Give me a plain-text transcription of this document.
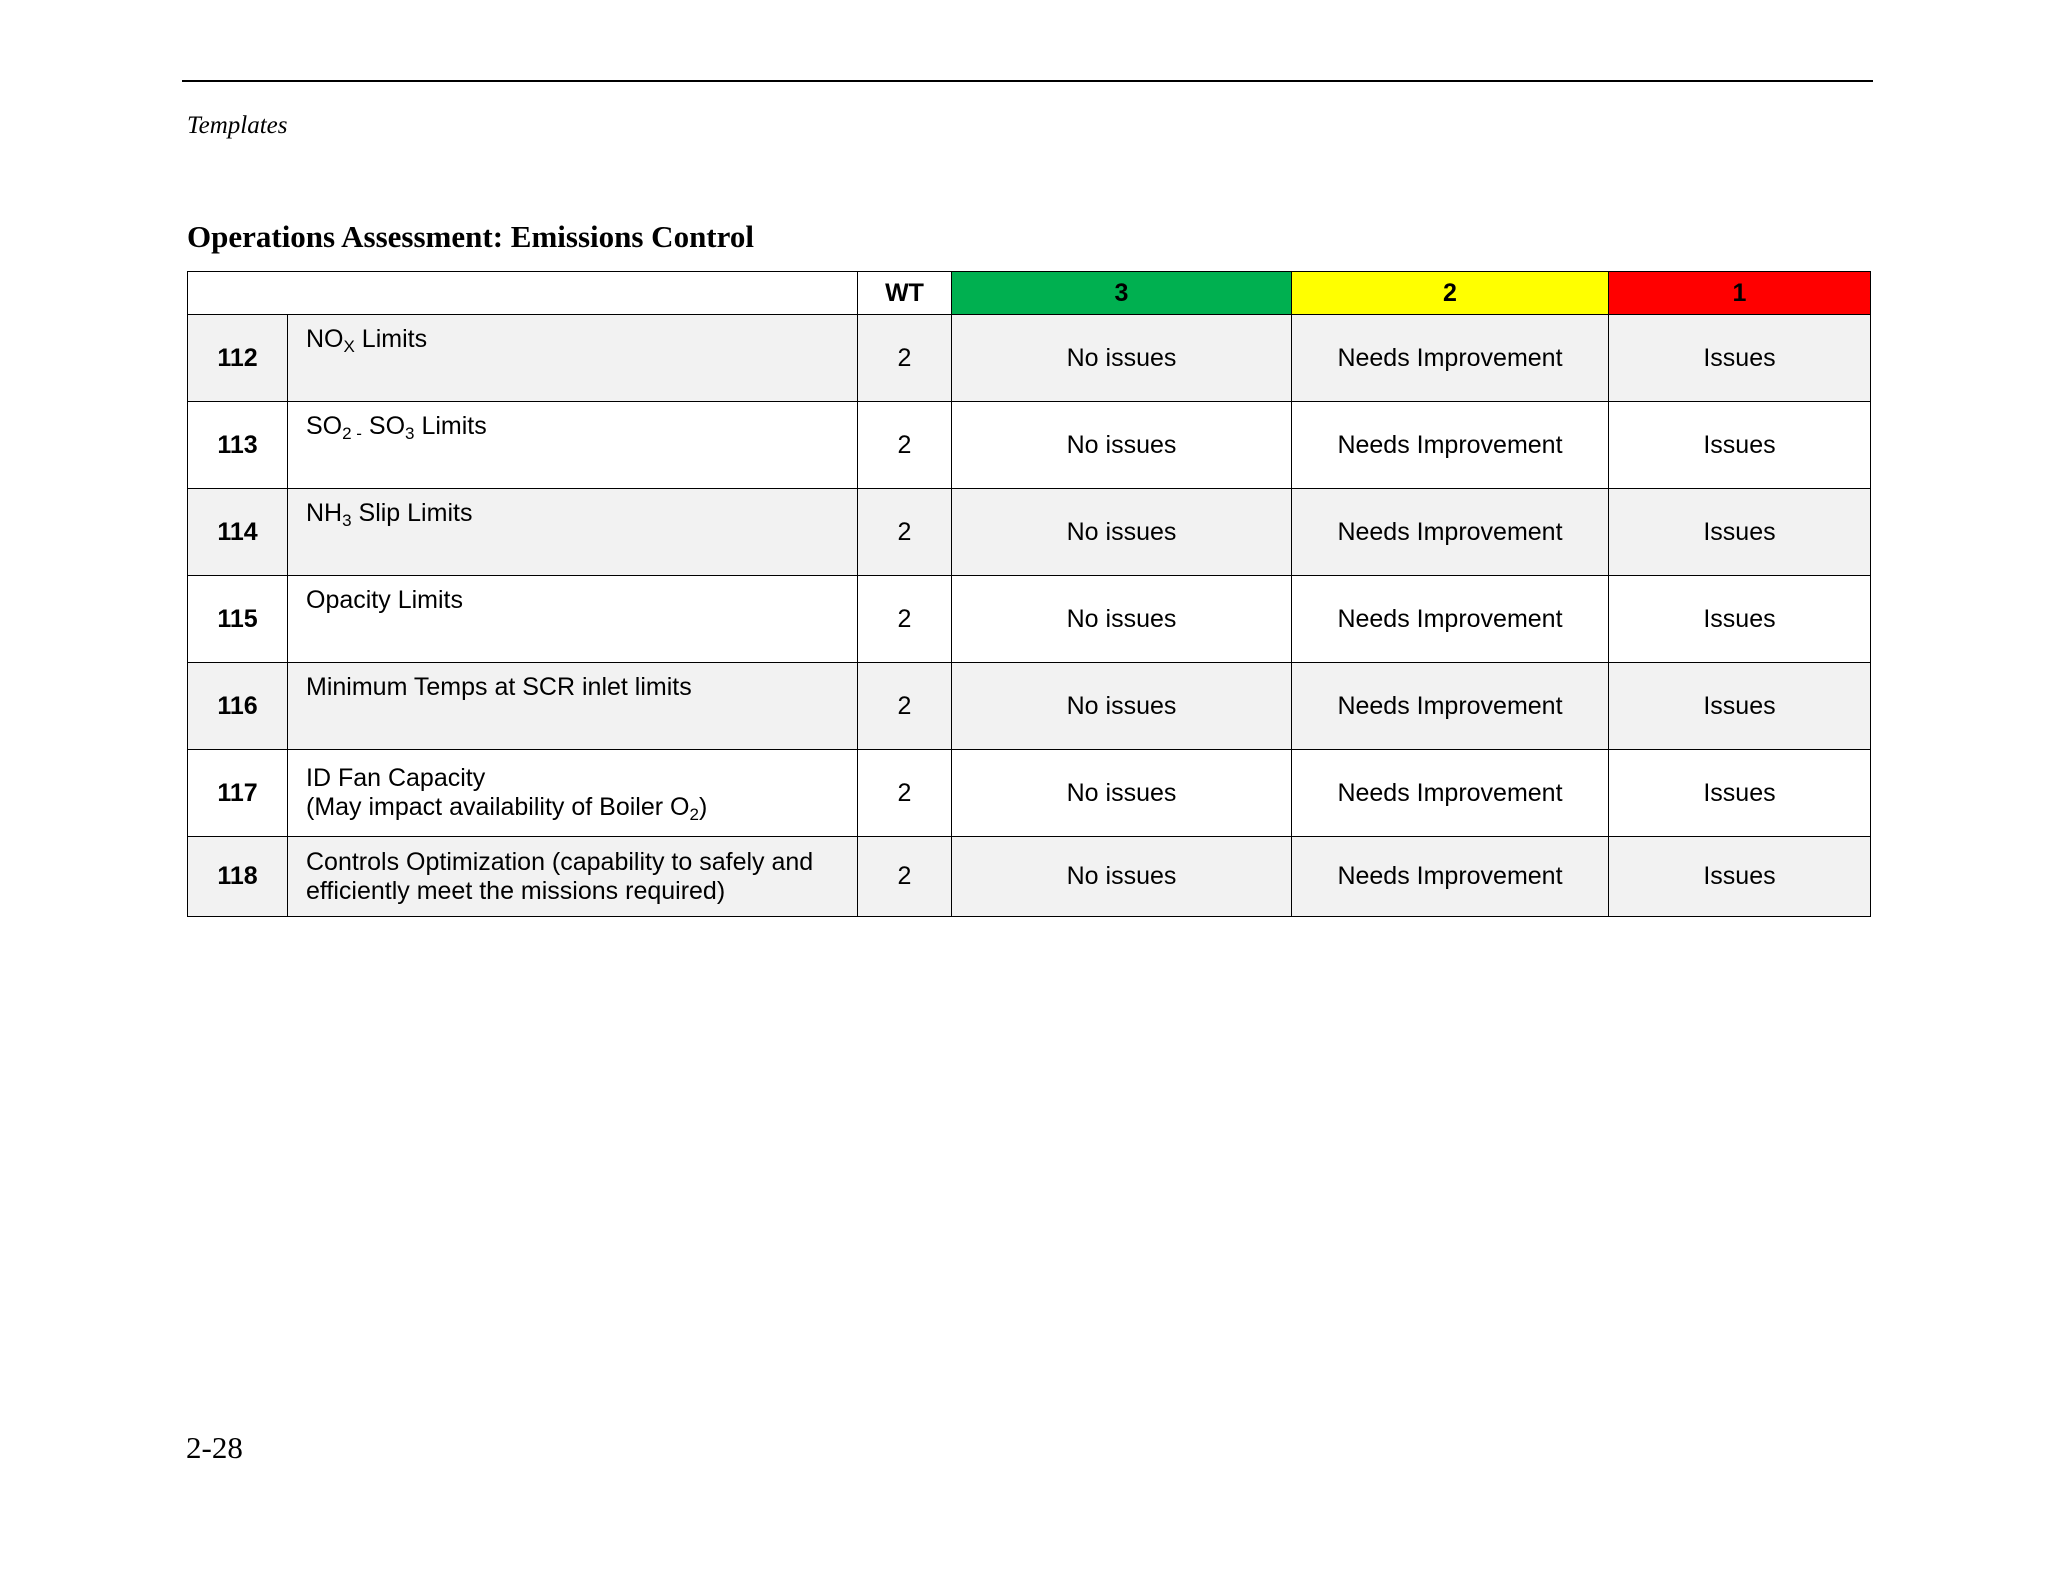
Templates
Operations Assessment: Emissions Control
		WT	3	2	1
112	$NO_X$ Limits	2	No issues	Needs Improvement	Issues
113	$SO_{2 -}$ $SO_3$ Limits	2	No issues	Needs Improvement	Issues
114	$NH_3$ Slip Limits	2	No issues	Needs Improvement	Issues
115	Opacity Limits	2	No issues	Needs Improvement	Issues
116	Minimum Temps at SCR inlet limits	2	No issues	Needs Improvement	Issues
117	ID Fan Capacity
(May impact availability of Boiler $O_2$)	2	No issues	Needs Improvement	Issues
118	Controls Optimization (capability to safely and
efficiently meet the missions required)	2	No issues	Needs Improvement	Issues
2-28
